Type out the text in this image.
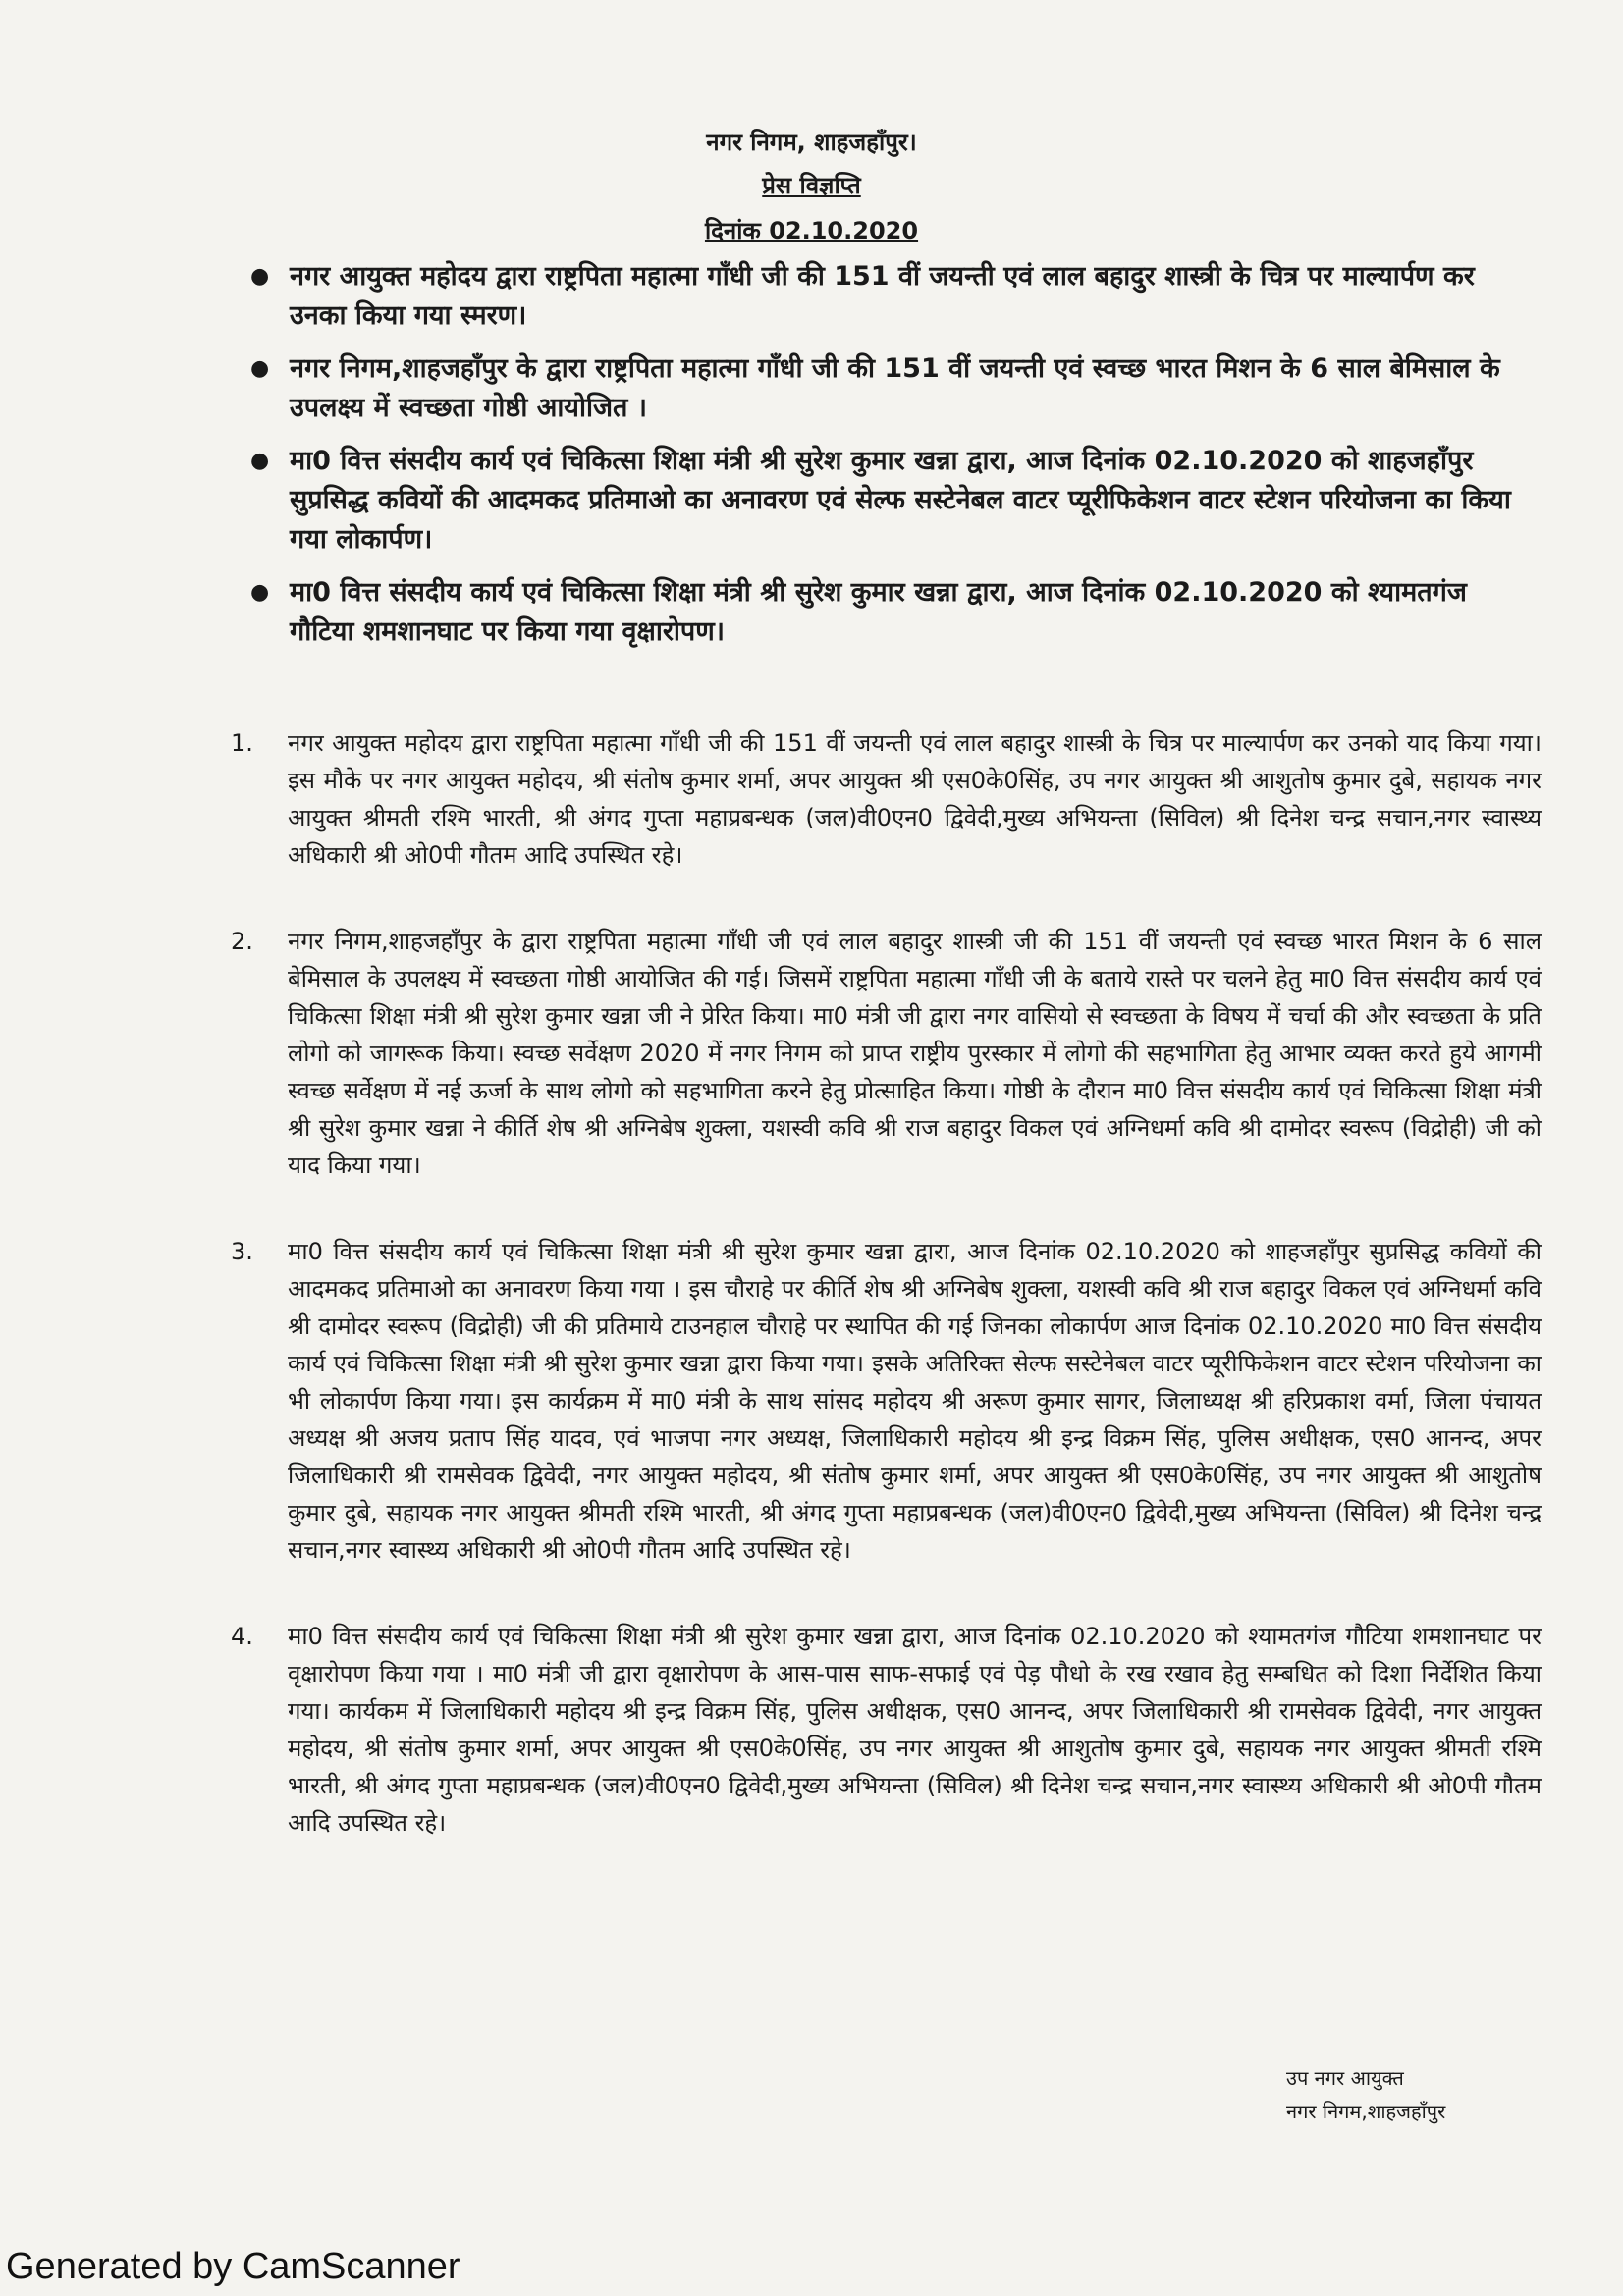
नगर निगम, शाहजहाँपुर।
प्रेस विज्ञप्ति
दिनांक 02.10.2020
● नगर आयुक्त महोदय द्वारा राष्ट्रपिता महात्मा गाँधी जी की 151 वीं जयन्ती एवं लाल बहादुर शास्त्री के चित्र पर माल्यार्पण कर उनका किया गया स्मरण।
● नगर निगम,शाहजहाँपुर के द्वारा राष्ट्रपिता महात्मा गाँधी जी की 151 वीं जयन्ती एवं स्वच्छ भारत मिशन के 6 साल बेमिसाल के उपलक्ष्य में स्वच्छता गोष्ठी आयोजित ।
● मा0 वित्त संसदीय कार्य एवं चिकित्सा शिक्षा मंत्री श्री सुरेश कुमार खन्ना द्वारा, आज दिनांक 02.10.2020 को शाहजहाँपुर सुप्रसिद्ध कवियों की आदमकद प्रतिमाओ का अनावरण एवं सेल्फ सस्टेनेबल वाटर प्यूरीफिकेशन वाटर स्टेशन परियोजना का किया गया लोकार्पण।
● मा0 वित्त संसदीय कार्य एवं चिकित्सा शिक्षा मंत्री श्री सुरेश कुमार खन्ना द्वारा, आज दिनांक 02.10.2020 को श्यामतगंज गौटिया शमशानघाट पर किया गया वृक्षारोपण।
1. नगर आयुक्त महोदय द्वारा राष्ट्रपिता महात्मा गाँधी जी की 151 वीं जयन्ती एवं लाल बहादुर शास्त्री के चित्र पर माल्यार्पण कर उनको याद किया गया। इस मौके पर नगर आयुक्त महोदय, श्री संतोष कुमार शर्मा, अपर आयुक्त श्री एस0के0सिंह, उप नगर आयुक्त श्री आशुतोष कुमार दुबे, सहायक नगर आयुक्त श्रीमती रश्मि भारती, श्री अंगद गुप्ता महाप्रबन्धक (जल)वी0एन0 द्विवेदी,मुख्य अभियन्ता (सिविल) श्री दिनेश चन्द्र सचान,नगर स्वास्थ्य अधिकारी श्री ओ0पी गौतम आदि उपस्थित रहे।
2. नगर निगम,शाहजहाँपुर के द्वारा राष्ट्रपिता महात्मा गाँधी जी एवं लाल बहादुर शास्त्री जी की 151 वीं जयन्ती एवं स्वच्छ भारत मिशन के 6 साल बेमिसाल के उपलक्ष्य में स्वच्छता गोष्ठी आयोजित की गई। जिसमें राष्ट्रपिता महात्मा गाँधी जी के बताये रास्ते पर चलने हेतु मा0 वित्त संसदीय कार्य एवं चिकित्सा शिक्षा मंत्री श्री सुरेश कुमार खन्ना जी ने प्रेरित किया। मा0 मंत्री जी द्वारा नगर वासियो से स्वच्छता के विषय में चर्चा की और स्वच्छता के प्रति लोगो को जागरूक किया। स्वच्छ सर्वेक्षण 2020 में नगर निगम को प्राप्त राष्ट्रीय पुरस्कार में लोगो की सहभागिता हेतु आभार व्यक्त करते हुये आगमी स्वच्छ सर्वेक्षण में नई ऊर्जा के साथ लोगो को सहभागिता करने हेतु प्रोत्साहित किया। गोष्ठी के दौरान मा0 वित्त संसदीय कार्य एवं चिकित्सा शिक्षा मंत्री श्री सुरेश कुमार खन्ना ने कीर्ति शेष श्री अग्निबेष शुक्ला, यशस्वी कवि श्री राज बहादुर विकल एवं अग्निधर्मा कवि श्री दामोदर स्वरूप (विद्रोही) जी को याद किया गया।
3. मा0 वित्त संसदीय कार्य एवं चिकित्सा शिक्षा मंत्री श्री सुरेश कुमार खन्ना द्वारा, आज दिनांक 02.10.2020 को शाहजहाँपुर सुप्रसिद्ध कवियों की आदमकद प्रतिमाओ का अनावरण किया गया । इस चौराहे पर कीर्ति शेष श्री अग्निबेष शुक्ला, यशस्वी कवि श्री राज बहादुर विकल एवं अग्निधर्मा कवि श्री दामोदर स्वरूप (विद्रोही) जी की प्रतिमाये टाउनहाल चौराहे पर स्थापित की गई जिनका लोकार्पण आज दिनांक 02.10.2020 मा0 वित्त संसदीय कार्य एवं चिकित्सा शिक्षा मंत्री श्री सुरेश कुमार खन्ना द्वारा किया गया। इसके अतिरिक्त सेल्फ सस्टेनेबल वाटर प्यूरीफिकेशन वाटर स्टेशन परियोजना का भी लोकार्पण किया गया। इस कार्यक्रम में मा0 मंत्री के साथ सांसद महोदय श्री अरूण कुमार सागर, जिलाध्यक्ष श्री हरिप्रकाश वर्मा, जिला पंचायत अध्यक्ष श्री अजय प्रताप सिंह यादव, एवं भाजपा नगर अध्यक्ष, जिलाधिकारी महोदय श्री इन्द्र विक्रम सिंह, पुलिस अधीक्षक, एस0 आनन्द, अपर जिलाधिकारी श्री रामसेवक द्विवेदी, नगर आयुक्त महोदय, श्री संतोष कुमार शर्मा, अपर आयुक्त श्री एस0के0सिंह, उप नगर आयुक्त श्री आशुतोष कुमार दुबे, सहायक नगर आयुक्त श्रीमती रश्मि भारती, श्री अंगद गुप्ता महाप्रबन्धक (जल)वी0एन0 द्विवेदी,मुख्य अभियन्ता (सिविल) श्री दिनेश चन्द्र सचान,नगर स्वास्थ्य अधिकारी श्री ओ0पी गौतम आदि उपस्थित रहे।
4. मा0 वित्त संसदीय कार्य एवं चिकित्सा शिक्षा मंत्री श्री सुरेश कुमार खन्ना द्वारा, आज दिनांक 02.10.2020 को श्यामतगंज गौटिया शमशानघाट पर वृक्षारोपण किया गया । मा0 मंत्री जी द्वारा वृक्षारोपण के आस-पास साफ-सफाई एवं पेड़ पौधो के रख रखाव हेतु सम्बधित को दिशा निर्देशित किया गया। कार्यकम में जिलाधिकारी महोदय श्री इन्द्र विक्रम सिंह, पुलिस अधीक्षक, एस0 आनन्द, अपर जिलाधिकारी श्री रामसेवक द्विवेदी, नगर आयुक्त महोदय, श्री संतोष कुमार शर्मा, अपर आयुक्त श्री एस0के0सिंह, उप नगर आयुक्त श्री आशुतोष कुमार दुबे, सहायक नगर आयुक्त श्रीमती रश्मि भारती, श्री अंगद गुप्ता महाप्रबन्धक (जल)वी0एन0 द्विवेदी,मुख्य अभियन्ता (सिविल) श्री दिनेश चन्द्र सचान,नगर स्वास्थ्य अधिकारी श्री ओ0पी गौतम आदि उपस्थित रहे।
उप नगर आयुक्त
नगर निगम,शाहजहाँपुर
Generated by CamScanner
